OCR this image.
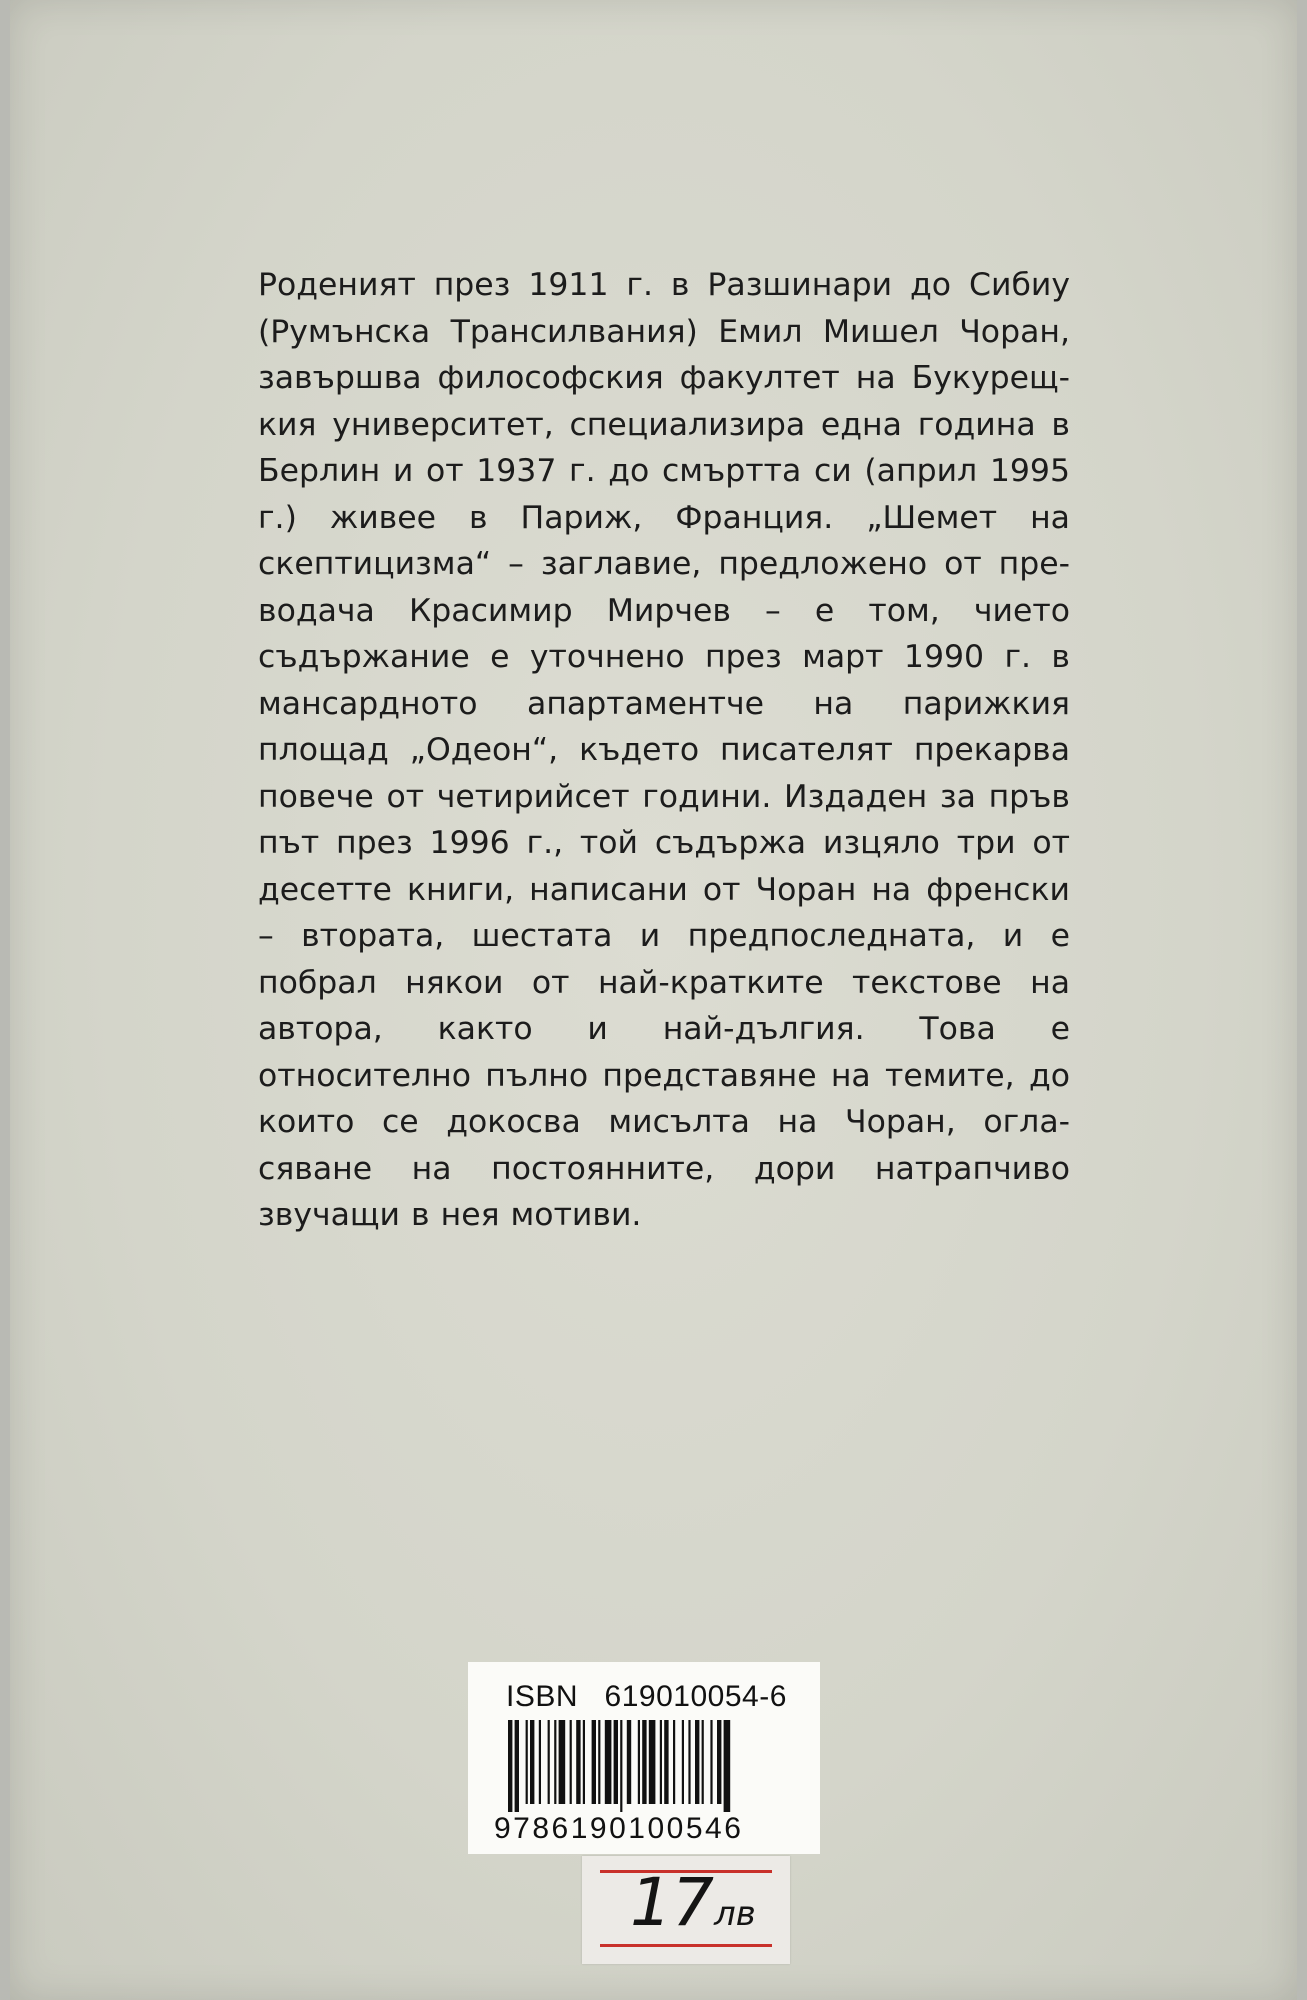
Роденият през 1911 г. в Разшинари до Сибиу (Румънска Трансилвания) Емил Мишел Чоран, завършва философския факултет на Букурещкия университет, специализира една година в Берлин и от 1937 г. до смъртта си (април 1995 г.) живее в Париж, Франция. „Шемет на скептицизма“ – заглавие, предложено от преводача Красимир Мирчев – е том, чието съдържание е уточнено през март 1990 г. в мансардното апартаментче на парижкия площад „Одеон“, където писателят прекарва повече от четирийсет години. Издаден за пръв път през 1996 г., той съдържа изцяло три от десетте книги, написани от Чоран на френски – втората, шестата и предпоследната, и е побрал някои от най-кратките текстове на автора, както и най-дългия. Това е относително пълно представяне на темите, до които се докосва мисълта на Чоран, огласяване на постоянните, дори натрапчиво звучащи в нея мотиви.
ISBN 619010054-6
9786190100546
17лв
